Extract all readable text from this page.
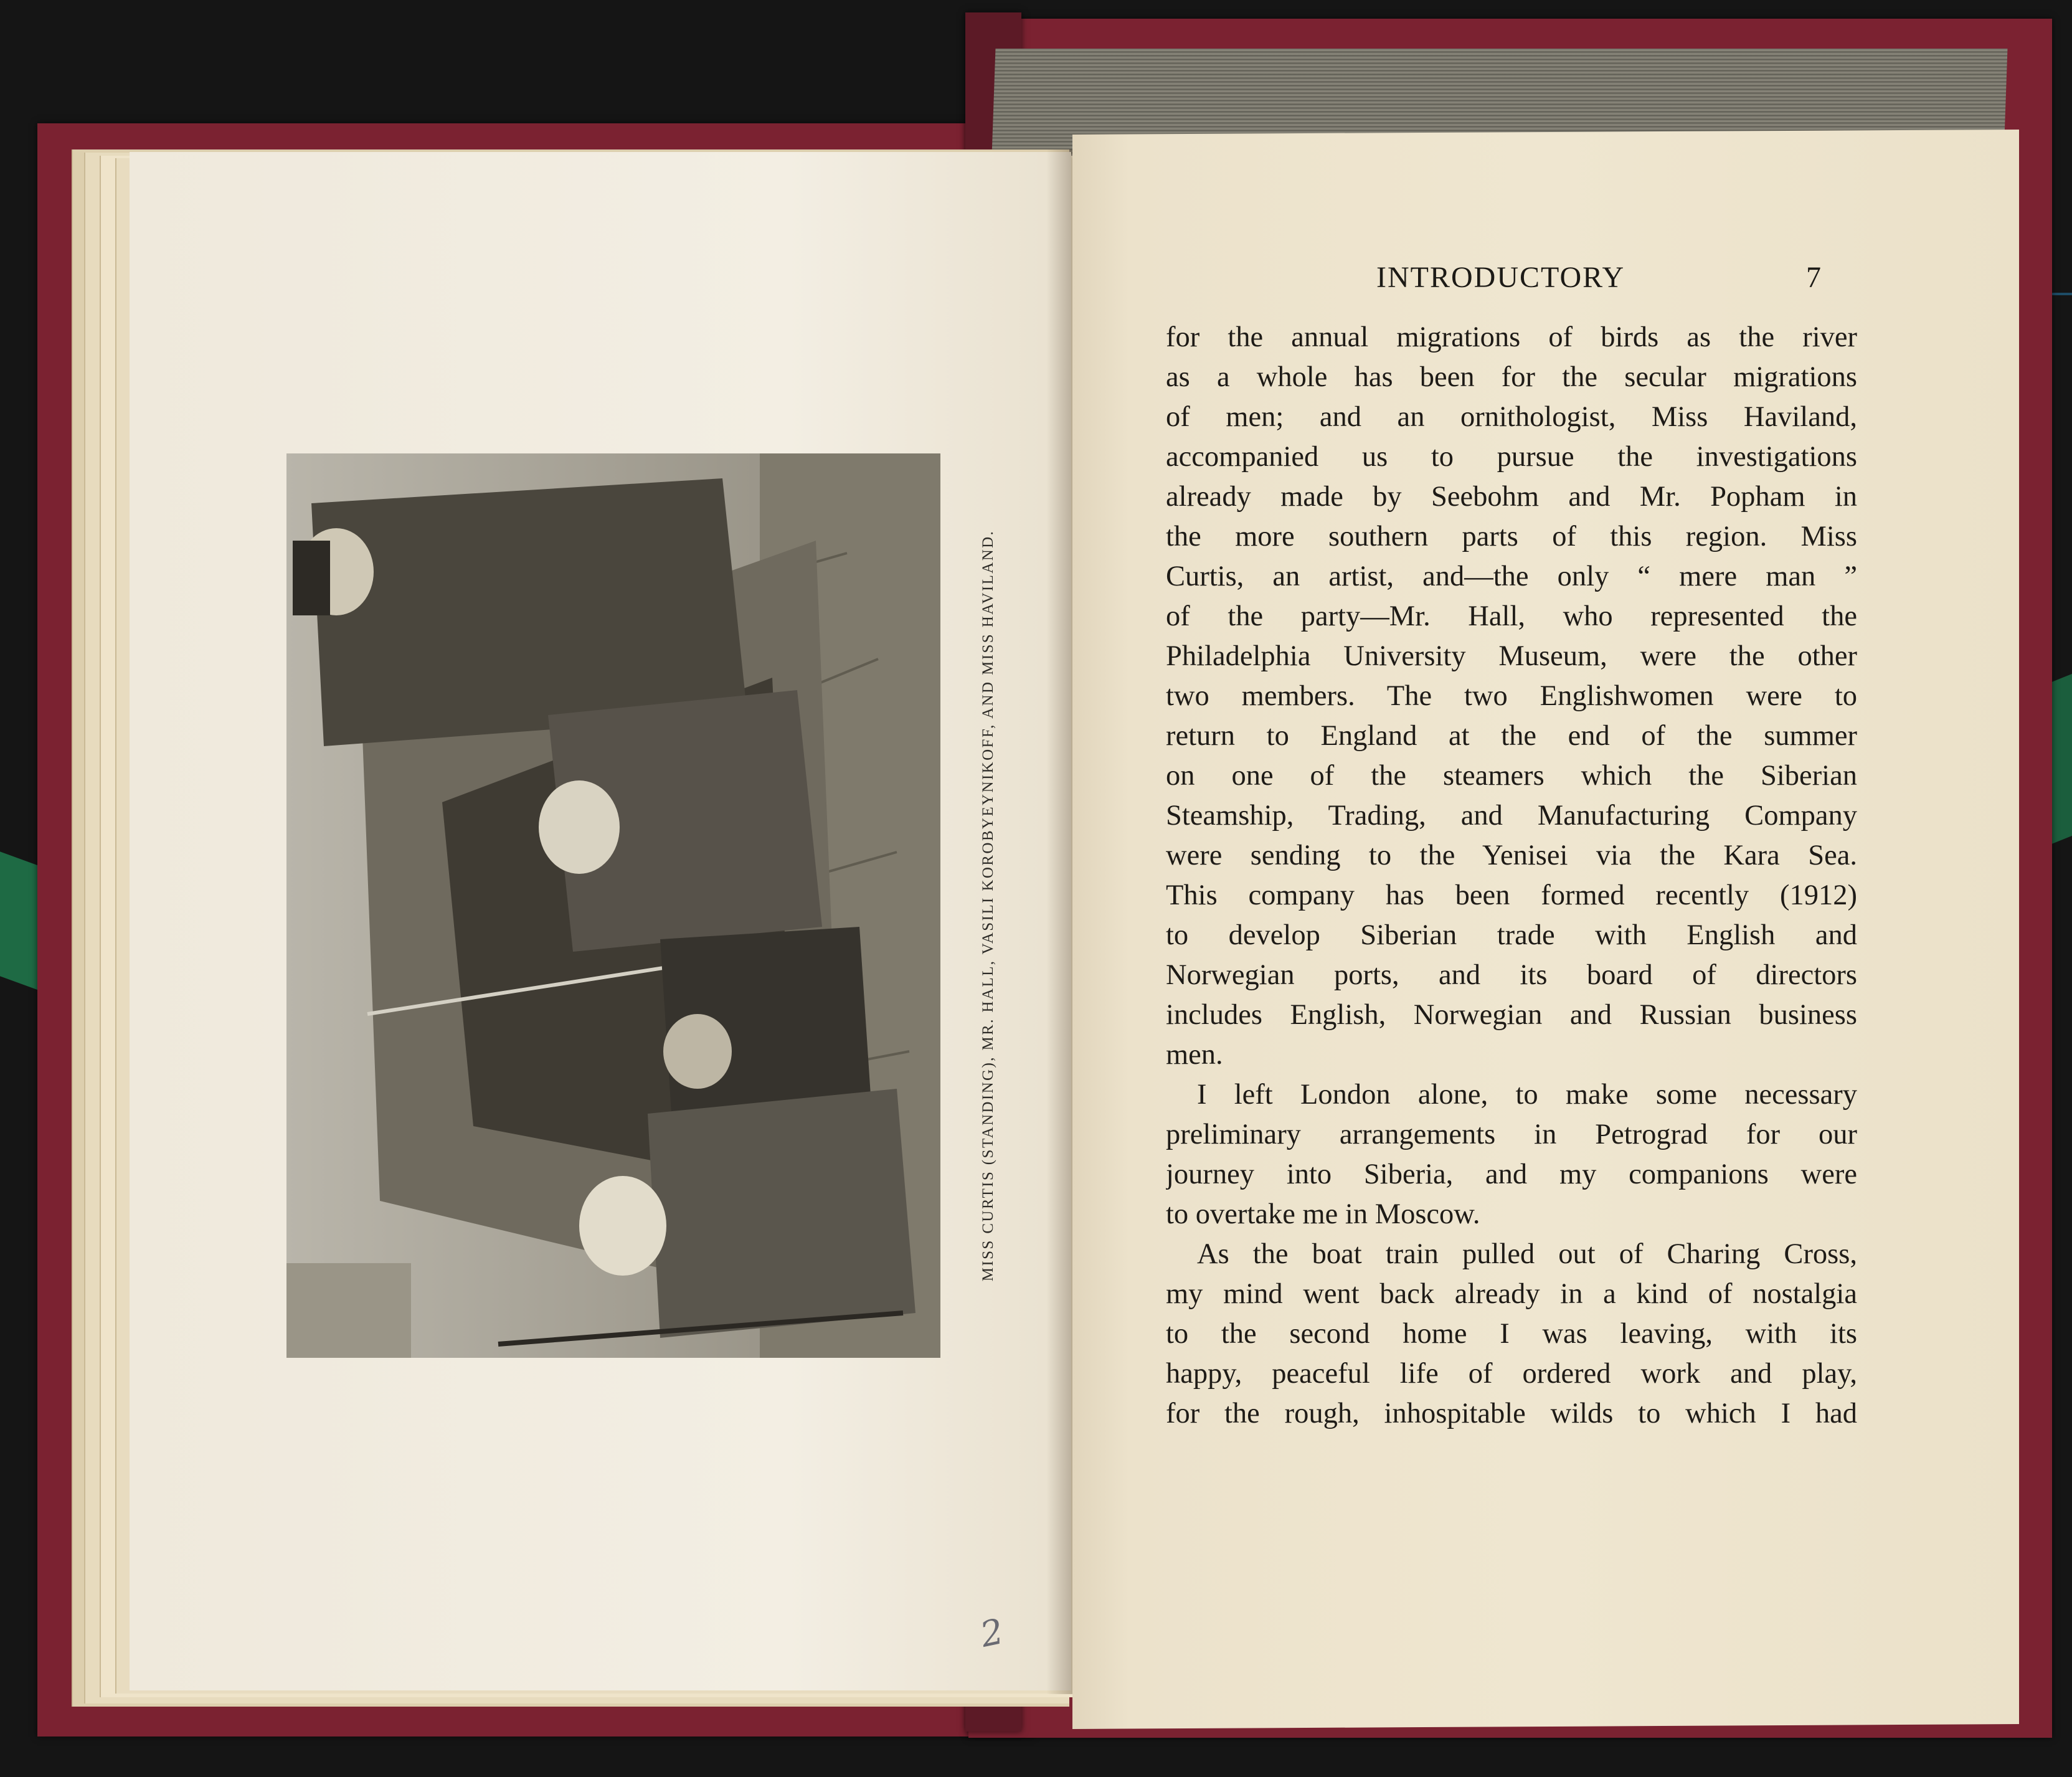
MISS CURTIS (STANDING), MR. HALL, VASILI KOROBYEYNIKOFF, AND MISS HAVILAND.
2
INTRODUCTORY	7
for the annual migrations of birds as the river
as a whole has been for the secular migrations
of men; and an ornithologist, Miss Haviland,
accompanied us to pursue the investigations
already made by Seebohm and Mr. Popham in
the more southern parts of this region. Miss
Curtis, an artist, and—the only “ mere man ”
of the party—Mr. Hall, who represented the
Philadelphia University Museum, were the other
two members. The two Englishwomen were to
return to England at the end of the summer
on one of the steamers which the Siberian
Steamship, Trading, and Manufacturing Company
were sending to the Yenisei via the Kara Sea.
This company has been formed recently (1912)
to develop Siberian trade with English and
Norwegian ports, and its board of directors
includes English, Norwegian and Russian business
men.
I left London alone, to make some necessary
preliminary arrangements in Petrograd for our
journey into Siberia, and my companions were
to overtake me in Moscow.
As the boat train pulled out of Charing Cross,
my mind went back already in a kind of nostalgia
to the second home I was leaving, with its
happy, peaceful life of ordered work and play,
for the rough, inhospitable wilds to which I had
